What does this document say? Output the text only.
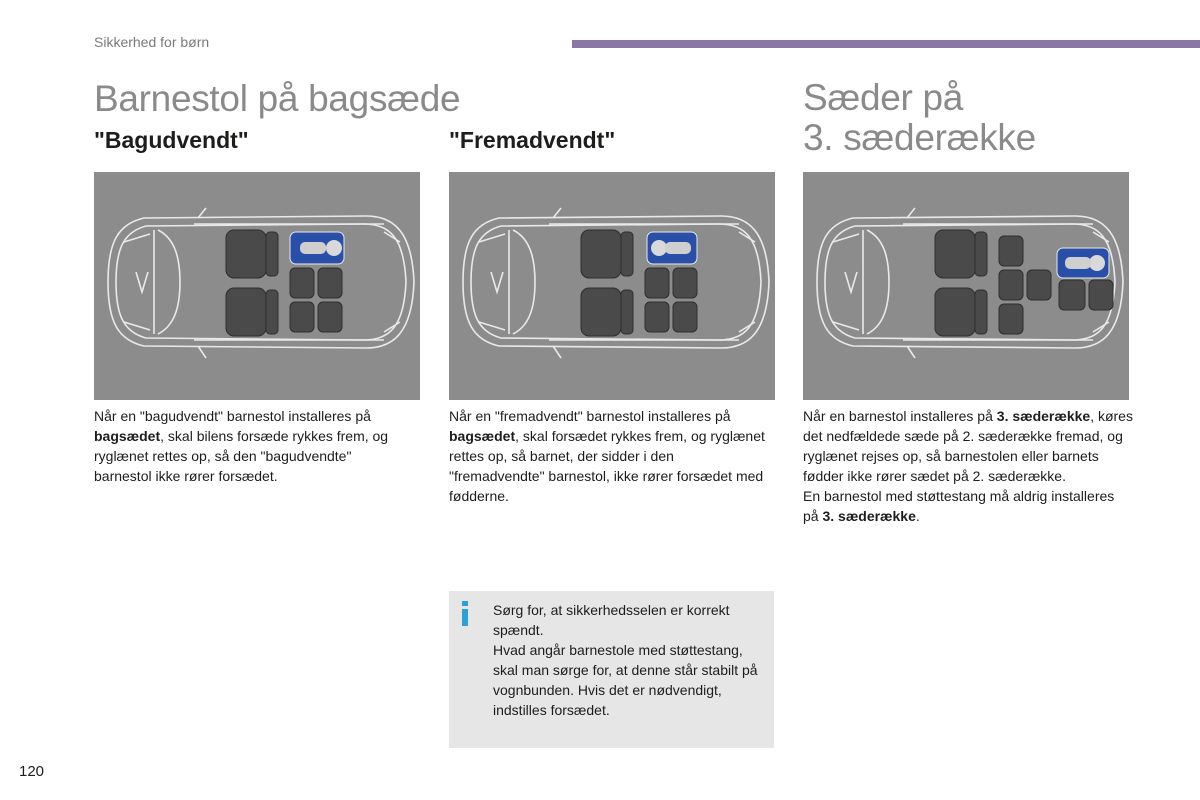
Sikkerhed for børn
Barnestol på bagsæde	Sæder på
3. sæderække
"Bagudvendt"	"Fremadvendt"

Når en "bagudvendt" barnestol installeres på bagsædet, skal bilens forsæde rykkes frem, og ryglænet rettes op, så den "bagudvendte" barnestol ikke rører forsædet.

Når en "fremadvendt" barnestol installeres på bagsædet, skal forsædet rykkes frem, og ryglænet rettes op, så barnet, der sidder i den "fremadvendte" barnestol, ikke rører forsædet med fødderne.

Når en barnestol installeres på 3. sæderække, køres det nedfældede sæde på 2. sæderække fremad, og ryglænet rejses op, så barnestolen eller barnets fødder ikke rører sædet på 2. sæderække.

En barnestol med støttestang må aldrig installeres på 3. sæderække.

Sørg for, at sikkerhedsselen er korrekt spændt.

Hvad angår barnestole med støttestang, skal man sørge for, at denne står stabilt på vognbunden. Hvis det er nødvendigt, indstilles forsædet.

120
